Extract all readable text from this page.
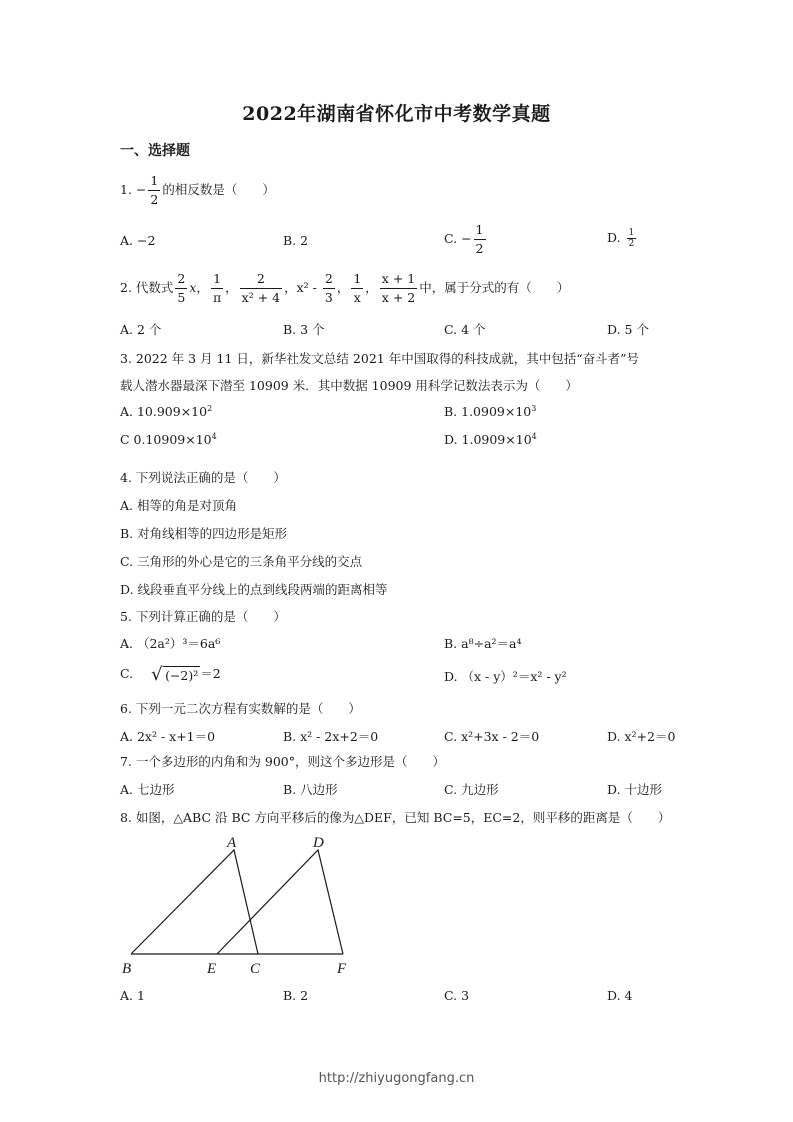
2022年湖南省怀化市中考数学真题
一、选择题
1. − $\frac{1}{2}$ 的相反数是（　　）
A. −2	B. 2	C. − $\frac{1}{2}$	D. $\frac{1}{2}$
2. 代数式 $\frac{2}{5}$ x， $\frac{1}{\pi}$ ， $\frac{2}{\text{x² + 4}}$ ，$x^2 - \frac{2}{3}$ ， $\frac{1}{x}$ ， $\frac{x + 1}{x + 2}$ 中，属于分式的有（　　）
A. 2 个	B. 3 个	C. 4 个	D. 5 个
3. 2022 年 3 月 11 日，新华社发文总结 2021 年中国取得的科技成就，其中包括“奋斗者”号
载人潜水器最深下潜至 10909 米．其中数据 10909 用科学记数法表示为（　　）
A. $10.909\times 10^2$	B. $1.0909\times 10^3$
C $0.10909\times 10^4$	D. $1.0909\times 10^4$
4. 下列说法正确的是（　　）
A. 相等的角是对顶角
B. 对角线相等的四边形是矩形
C. 三角形的外心是它的三条角平分线的交点
D. 线段垂直平分线上的点到线段两端的距离相等
5. 下列计算正确的是（　　）
A. （2a²）³＝6a⁶	B. a⁸÷a²＝a⁴
C. √ (−2)² ＝2	D. （x - y）²＝x² - y²
6. 下列一元二次方程有实数解的是（　　）
A. 2x² - x+1＝0	B. x² - 2x+2＝0	C. x²+3x - 2＝0	D. x²+2＝0
7. 一个多边形的内角和为 900°，则这个多边形是（　　）
A. 七边形	B. 八边形	C. 九边形	D. 十边形
8. 如图，△ABC 沿 BC 方向平移后的像为△DEF，已知 BC=5，EC=2，则平移的距离是（　　）
A	D
B	E C	F
A. 1	B. 2	C. 3	D. 4
http://zhiyugongfang.cn
